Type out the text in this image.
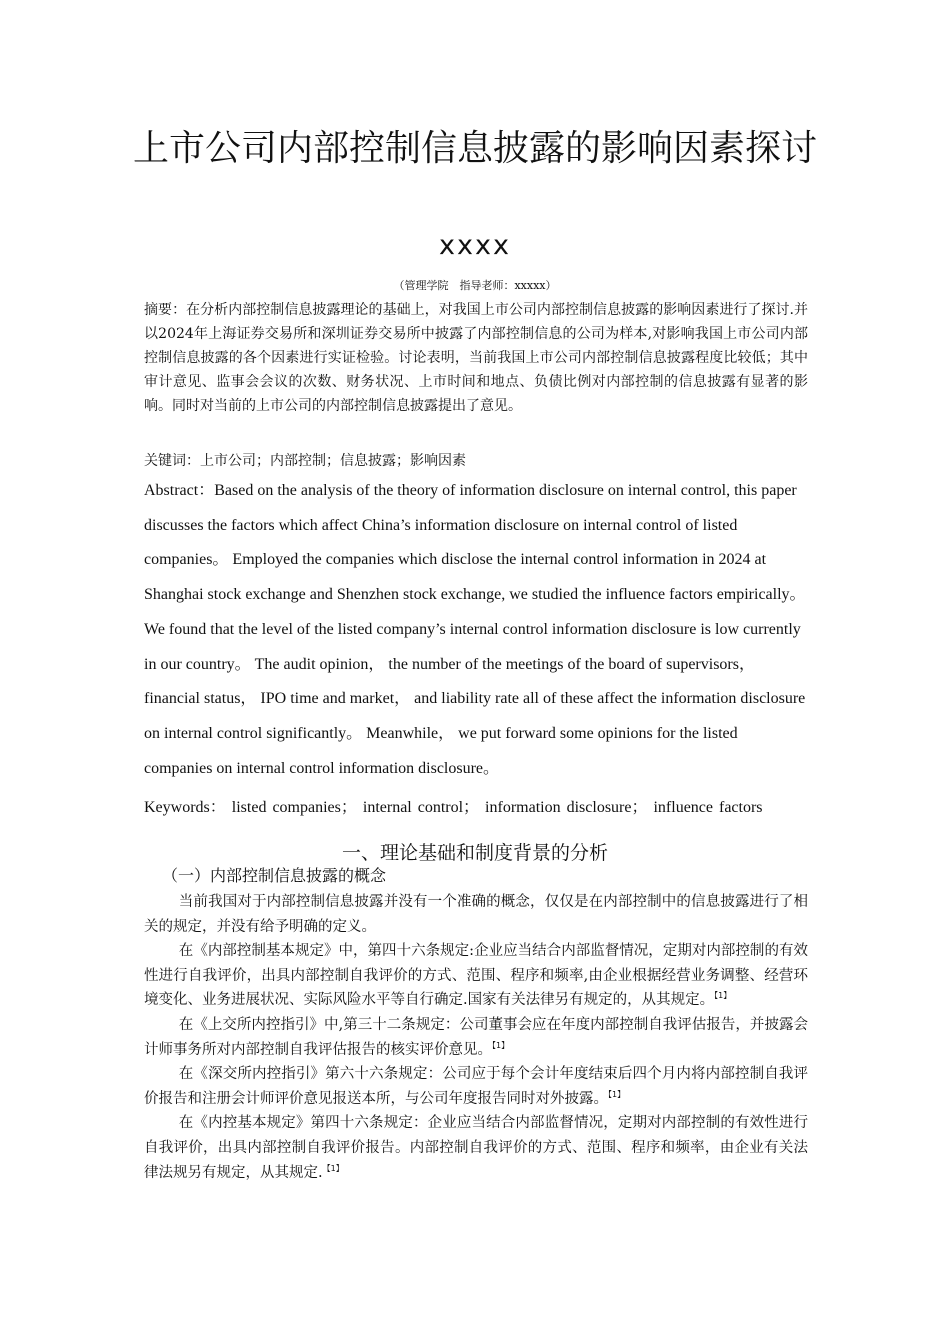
上市公司内部控制信息披露的影响因素探讨
xxxx
（管理学院　指导老师：xxxxx）
摘要：在分析内部控制信息披露理论的基础上，对我国上市公司内部控制信息披露的影响因素进行了探讨.并以2024年上海证券交易所和深圳证券交易所中披露了内部控制信息的公司为样本,对影响我国上市公司内部控制信息披露的各个因素进行实证检验。讨论表明，当前我国上市公司内部控制信息披露程度比较低；其中审计意见、监事会会议的次数、财务状况、上市时间和地点、负债比例对内部控制的信息披露有显著的影响。同时对当前的上市公司的内部控制信息披露提出了意见。
关键词：上市公司；内部控制；信息披露；影响因素
Abstract：Based on the analysis of the theory of information disclosure on internal control, this paper discusses the factors which affect China’s information disclosure on internal control of listed companies。 Employed the companies which disclose the internal control information in 2024 at Shanghai stock exchange and Shenzhen stock exchange, we studied the influence factors empirically。 We found that the level of the listed company’s internal control information disclosure is low currently in our country。 The audit opinion， the number of the meetings of the board of supervisors， financial status， IPO time and market， and liability rate all of these affect the information disclosure on internal control significantly。 Meanwhile， we put forward some opinions for the listed companies on internal control information disclosure。
Keywords： listed companies； internal control； information disclosure； influence factors
一、理论基础和制度背景的分析
（一）内部控制信息披露的概念

当前我国对于内部控制信息披露并没有一个准确的概念，仅仅是在内部控制中的信息披露进行了相关的规定，并没有给予明确的定义。

在《内部控制基本规定》中，第四十六条规定:企业应当结合内部监督情况，定期对内部控制的有效性进行自我评价，出具内部控制自我评价的方式、范围、程序和频率,由企业根据经营业务调整、经营环境变化、业务进展状况、实际风险水平等自行确定.国家有关法律另有规定的，从其规定。$^{【1】}$

在《上交所内控指引》中,第三十二条规定：公司董事会应在年度内部控制自我评估报告，并披露会计师事务所对内部控制自我评估报告的核实评价意见。$^{【1】}$

在《深交所内控指引》第六十六条规定：公司应于每个会计年度结束后四个月内将内部控制自我评价报告和注册会计师评价意见报送本所，与公司年度报告同时对外披露。$^{【1】}$

在《内控基本规定》第四十六条规定：企业应当结合内部监督情况，定期对内部控制的有效性进行自我评价，出具内部控制自我评价报告。内部控制自我评价的方式、范围、程序和频率，由企业有关法律法规另有规定，从其规定.$^{【1】}$
